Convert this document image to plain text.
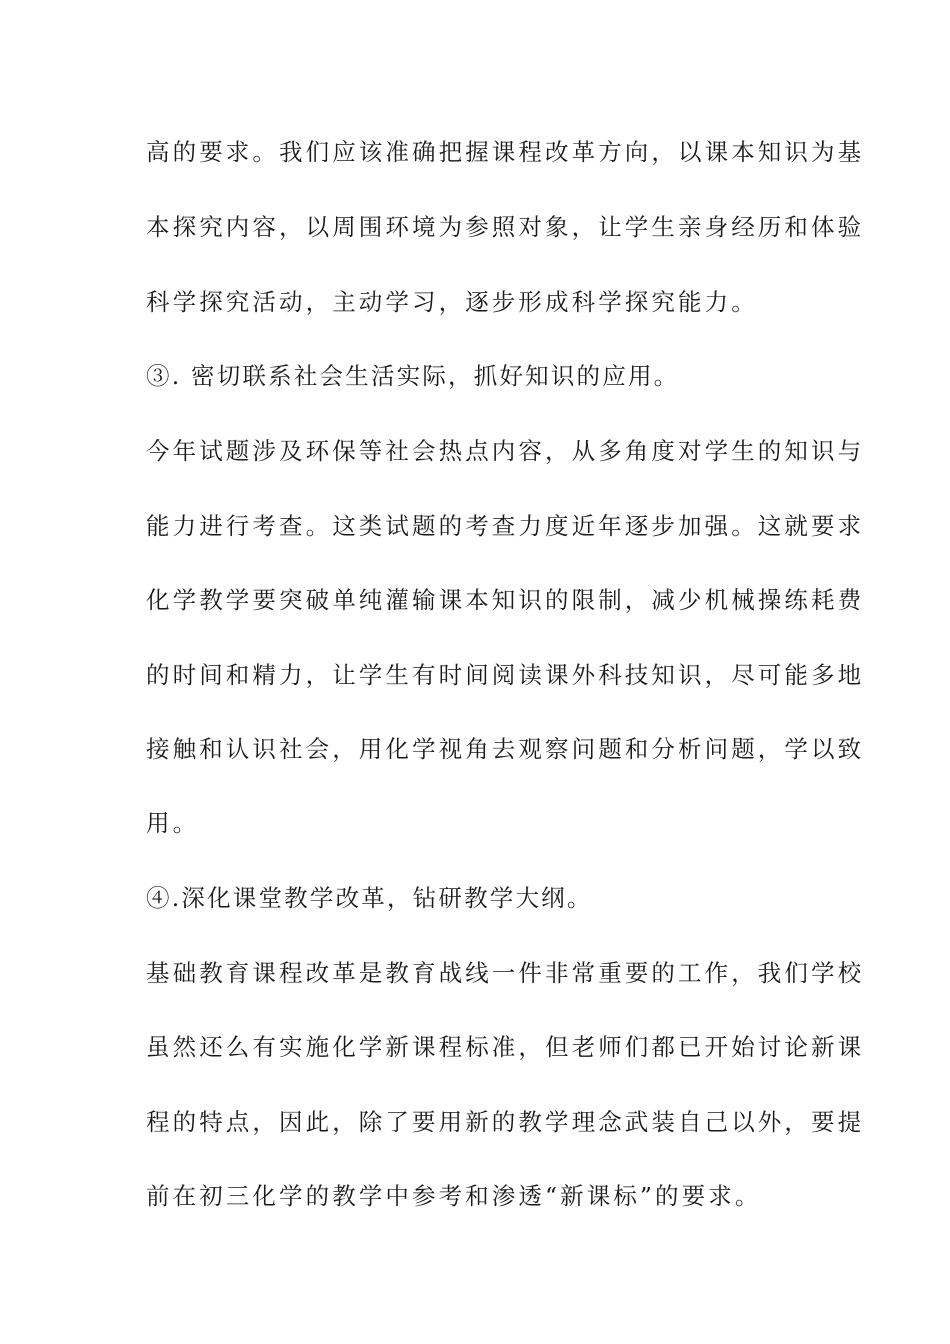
高的要求。我们应该准确把握课程改革方向，以课本知识为基

本探究内容，以周围环境为参照对象，让学生亲身经历和体验

科学探究活动，主动学习，逐步形成科学探究能力。

③. 密切联系社会生活实际，抓好知识的应用。

今年试题涉及环保等社会热点内容，从多角度对学生的知识与

能力进行考查。这类试题的考查力度近年逐步加强。这就要求

化学教学要突破单纯灌输课本知识的限制，减少机械操练耗费

的时间和精力，让学生有时间阅读课外科技知识，尽可能多地

接触和认识社会，用化学视角去观察问题和分析问题，学以致

用。

④.深化课堂教学改革，钻研教学大纲。

基础教育课程改革是教育战线一件非常重要的工作，我们学校

虽然还么有实施化学新课程标准，但老师们都已开始讨论新课

程的特点，因此，除了要用新的教学理念武装自己以外，要提

前在初三化学的教学中参考和渗透“新课标”的要求。
